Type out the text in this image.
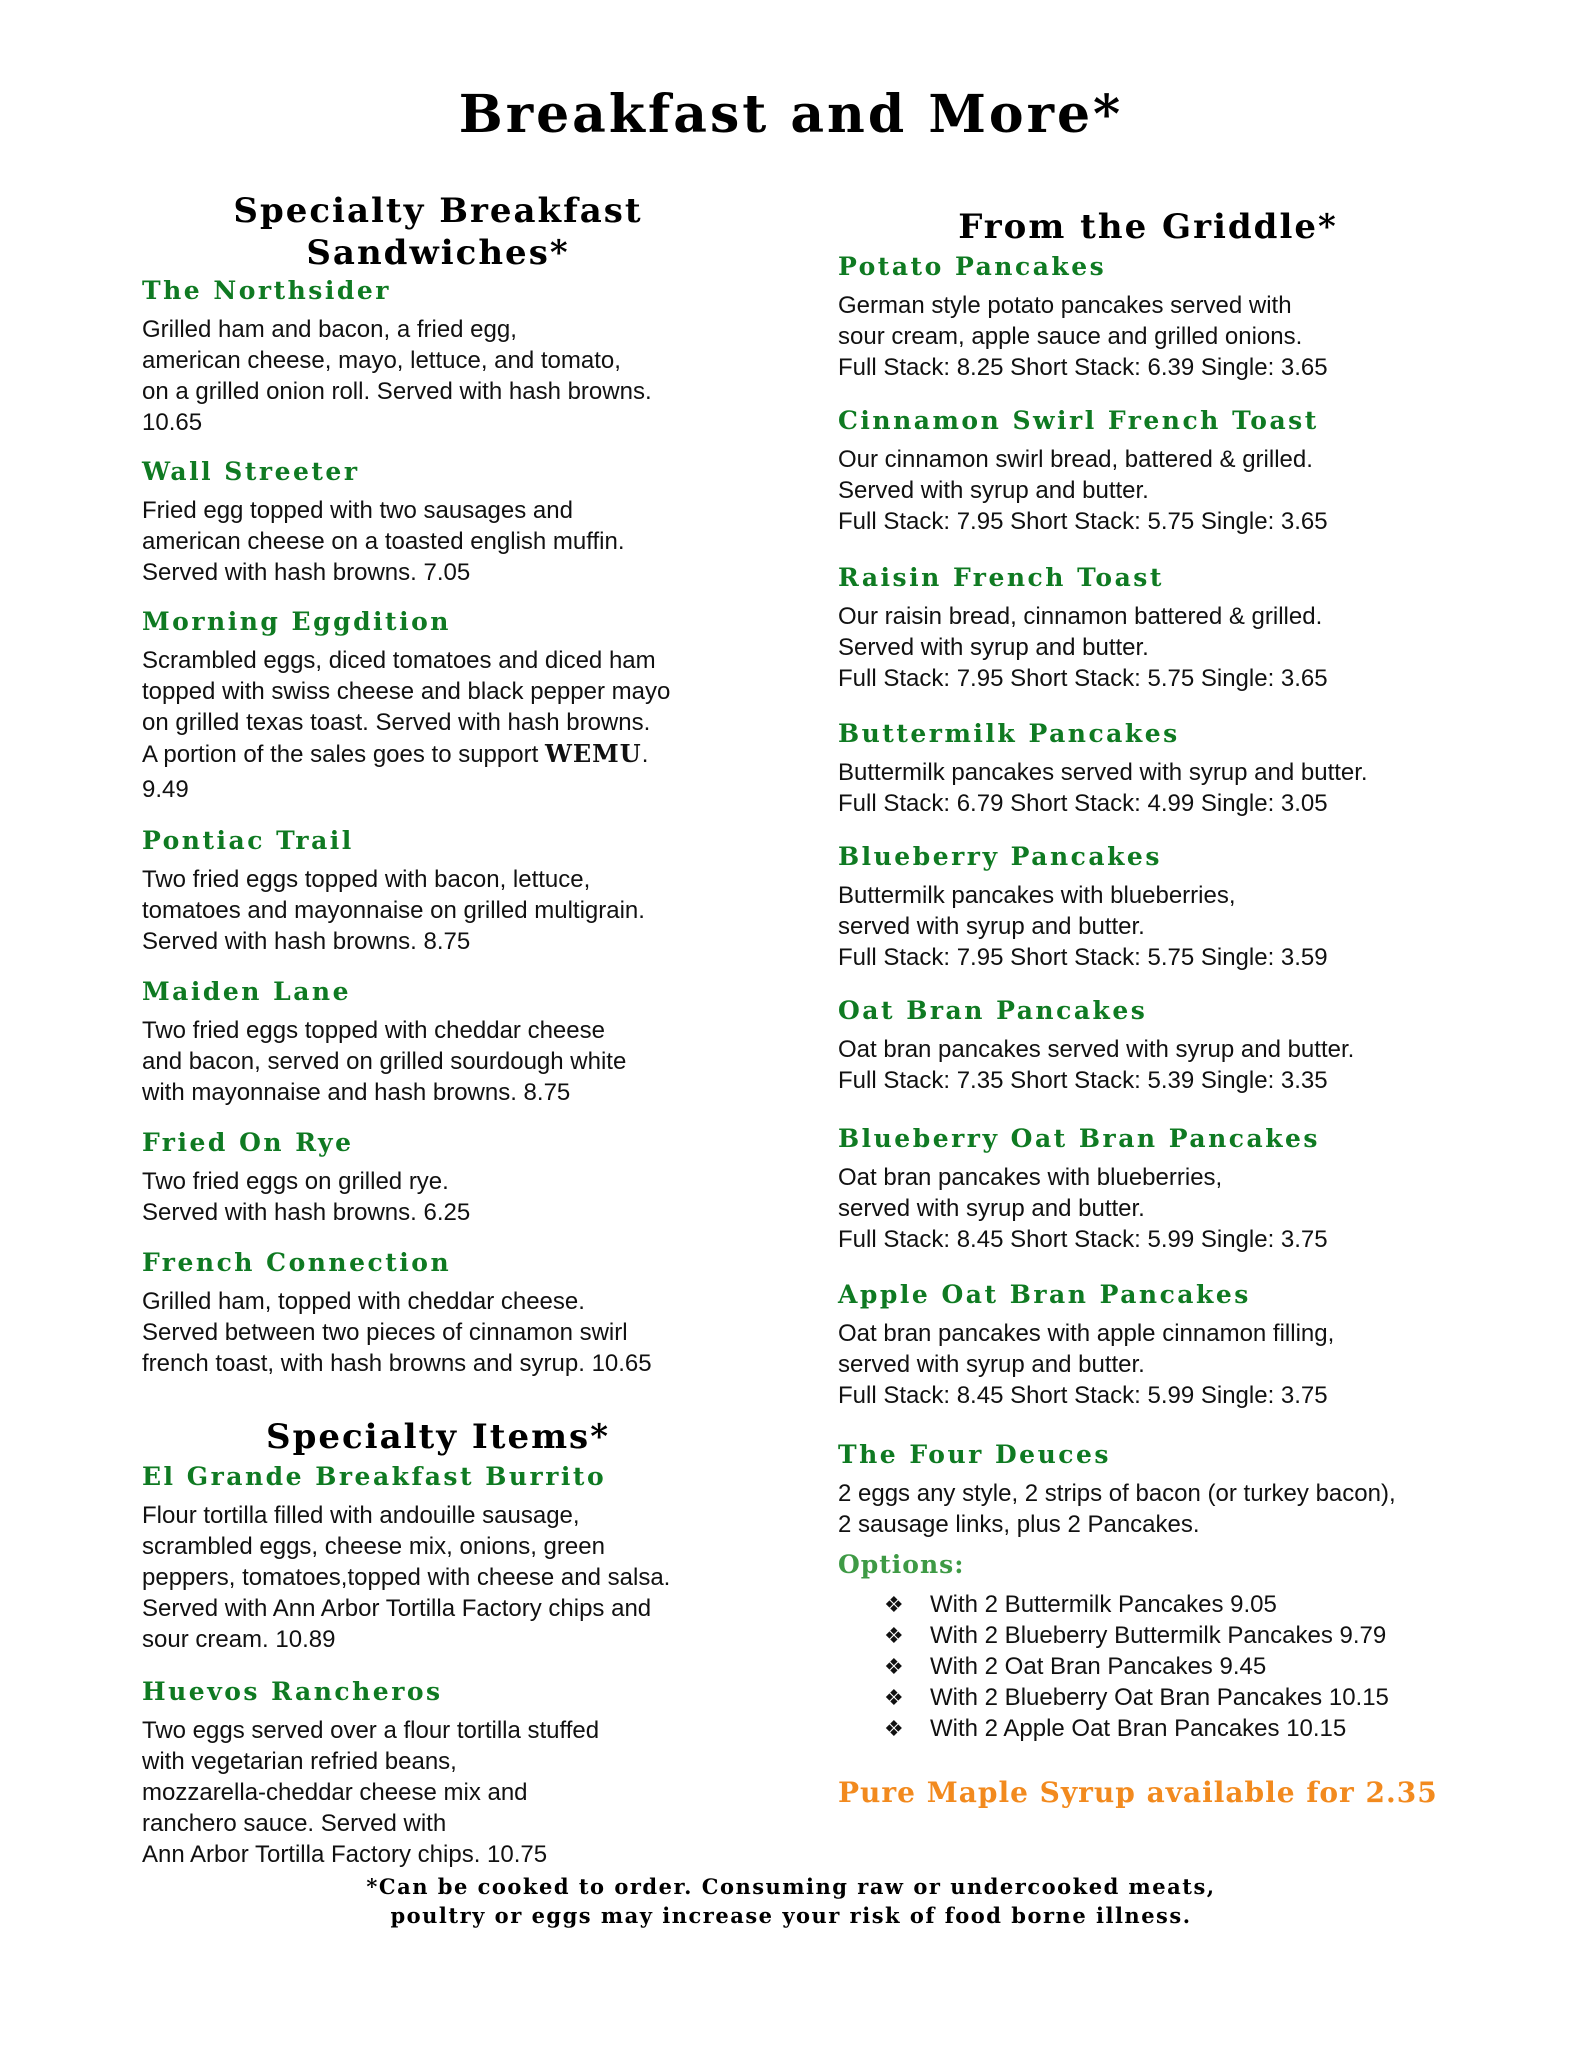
Breakfast and More*
Specialty Breakfast
Sandwiches*
The Northsider
Grilled ham and bacon, a fried egg,
american cheese, mayo, lettuce, and tomato,
on a grilled onion roll. Served with hash browns.
10.65
Wall Streeter
Fried egg topped with two sausages and
american cheese on a toasted english muffin.
Served with hash browns. 7.05
Morning Eggdition
Scrambled eggs, diced tomatoes and diced ham
topped with swiss cheese and black pepper mayo
on grilled texas toast. Served with hash browns.
A portion of the sales goes to support WEMU.
9.49
Pontiac Trail
Two fried eggs topped with bacon, lettuce,
tomatoes and mayonnaise on grilled multigrain.
Served with hash browns. 8.75
Maiden Lane
Two fried eggs topped with cheddar cheese
and bacon, served on grilled sourdough white
with mayonnaise and hash browns. 8.75
Fried On Rye
Two fried eggs on grilled rye.
Served with hash browns. 6.25
French Connection
Grilled ham, topped with cheddar cheese.
Served between two pieces of cinnamon swirl
french toast, with hash browns and syrup. 10.65
Specialty Items*
El Grande Breakfast Burrito
Flour tortilla filled with andouille sausage,
scrambled eggs, cheese mix, onions, green
peppers, tomatoes,topped with cheese and salsa.
Served with Ann Arbor Tortilla Factory chips and
sour cream. 10.89
Huevos Rancheros
Two eggs served over a flour tortilla stuffed
with vegetarian refried beans,
mozzarella-cheddar cheese mix and
ranchero sauce. Served with
Ann Arbor Tortilla Factory chips. 10.75
From the Griddle*
Potato Pancakes
German style potato pancakes served with
sour cream, apple sauce and grilled onions.
Full Stack: 8.25 Short Stack: 6.39 Single: 3.65
Cinnamon Swirl French Toast
Our cinnamon swirl bread, battered & grilled.
Served with syrup and butter.
Full Stack: 7.95 Short Stack: 5.75 Single: 3.65
Raisin French Toast
Our raisin bread, cinnamon battered & grilled.
Served with syrup and butter.
Full Stack: 7.95 Short Stack: 5.75 Single: 3.65
Buttermilk Pancakes
Buttermilk pancakes served with syrup and butter.
Full Stack: 6.79 Short Stack: 4.99 Single: 3.05
Blueberry Pancakes
Buttermilk pancakes with blueberries,
served with syrup and butter.
Full Stack: 7.95 Short Stack: 5.75 Single: 3.59
Oat Bran Pancakes
Oat bran pancakes served with syrup and butter.
Full Stack: 7.35 Short Stack: 5.39 Single: 3.35
Blueberry Oat Bran Pancakes
Oat bran pancakes with blueberries,
served with syrup and butter.
Full Stack: 8.45 Short Stack: 5.99 Single: 3.75
Apple Oat Bran Pancakes
Oat bran pancakes with apple cinnamon filling,
served with syrup and butter.
Full Stack: 8.45 Short Stack: 5.99 Single: 3.75
The Four Deuces
2 eggs any style, 2 strips of bacon (or turkey bacon),
2 sausage links, plus 2 Pancakes.
Options:
❖ With 2 Buttermilk Pancakes 9.05
❖ With 2 Blueberry Buttermilk Pancakes 9.79
❖ With 2 Oat Bran Pancakes 9.45
❖ With 2 Blueberry Oat Bran Pancakes 10.15
❖ With 2 Apple Oat Bran Pancakes 10.15
Pure Maple Syrup available for 2.35
*Can be cooked to order. Consuming raw or undercooked meats,
poultry or eggs may increase your risk of food borne illness.
